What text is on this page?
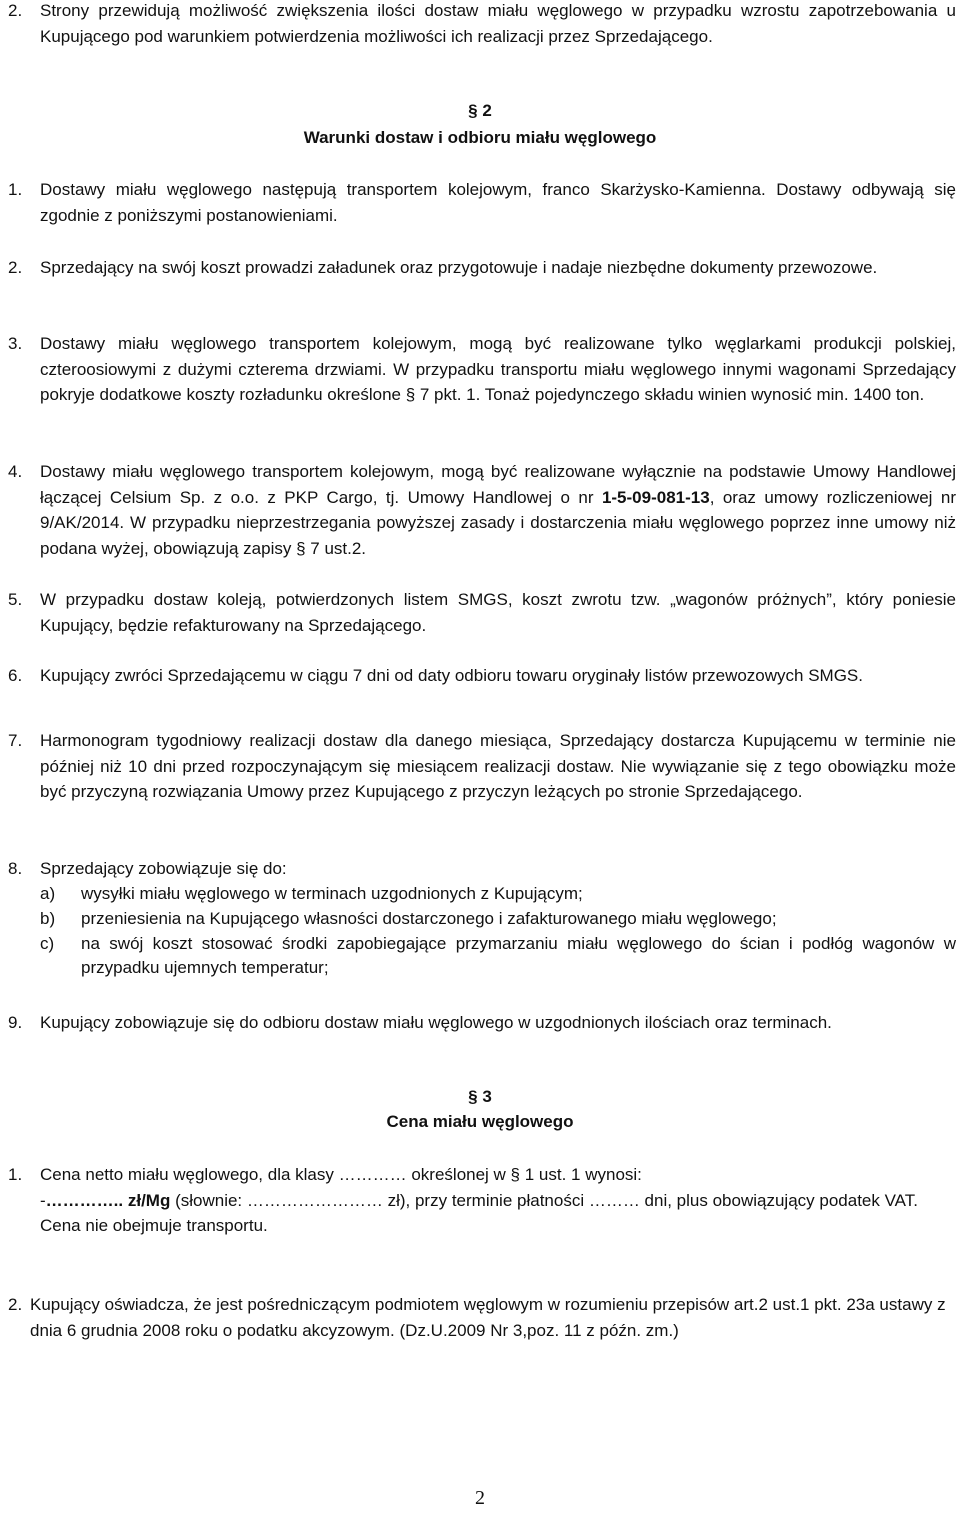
2. Strony przewidują możliwość zwiększenia ilości dostaw miału węglowego w przypadku wzrostu zapotrzebowania u Kupującego pod warunkiem potwierdzenia możliwości ich realizacji przez Sprzedającego.
§ 2
Warunki dostaw i odbioru miału węglowego
1. Dostawy miału węglowego następują transportem kolejowym, franco Skarżysko-Kamienna. Dostawy odbywają się zgodnie z poniższymi postanowieniami.
2. Sprzedający na swój koszt prowadzi załadunek oraz przygotowuje i nadaje niezbędne dokumenty przewozowe.
3. Dostawy miału węglowego transportem kolejowym, mogą być realizowane tylko węglarkami produkcji polskiej, czteroosiowymi z dużymi czterema drzwiami. W przypadku transportu miału węglowego innymi wagonami Sprzedający pokryje dodatkowe koszty rozładunku określone § 7 pkt. 1. Tonaż pojedynczego składu winien wynosić min. 1400 ton.
4. Dostawy miału węglowego transportem kolejowym, mogą być realizowane wyłącznie na podstawie Umowy Handlowej łączącej Celsium Sp. z o.o. z PKP Cargo, tj. Umowy Handlowej o nr 1-5-09-081-13, oraz umowy rozliczeniowej nr 9/AK/2014. W przypadku nieprzestrzegania powyższej zasady i dostarczenia miału węglowego poprzez inne umowy niż podana wyżej, obowiązują zapisy § 7 ust.2.
5. W przypadku dostaw koleją, potwierdzonych listem SMGS, koszt zwrotu tzw. „wagonów próżnych”, który poniesie Kupujący, będzie refakturowany na Sprzedającego.
6. Kupujący zwróci Sprzedającemu w ciągu 7 dni od daty odbioru towaru oryginały listów przewozowych SMGS.
7. Harmonogram tygodniowy realizacji dostaw dla danego miesiąca, Sprzedający dostarcza Kupującemu w terminie nie później niż 10 dni przed rozpoczynającym się miesiącem realizacji dostaw. Nie wywiązanie się z tego obowiązku może być przyczyną rozwiązania Umowy przez Kupującego z przyczyn leżących po stronie Sprzedającego.
8. Sprzedający zobowiązuje się do:
a) wysyłki miału węglowego w terminach uzgodnionych z Kupującym;
b) przeniesienia na Kupującego własności dostarczonego i zafakturowanego miału węglowego;
c) na swój koszt stosować środki zapobiegające przymarzaniu miału węglowego do ścian i podłóg wagonów w przypadku ujemnych temperatur;
9. Kupujący zobowiązuje się do odbioru dostaw miału węglowego w uzgodnionych ilościach oraz terminach.
§ 3
Cena miału węglowego
1. Cena netto miału węglowego, dla klasy ………… określonej w § 1 ust. 1 wynosi:
-………….. zł/Mg (słownie: …………………… zł), przy terminie płatności ……… dni, plus obowiązujący podatek VAT.
Cena nie obejmuje transportu.
2. Kupujący oświadcza, że jest pośredniczącym podmiotem węglowym w rozumieniu przepisów art.2 ust.1 pkt. 23a ustawy z dnia 6 grudnia 2008 roku o podatku akcyzowym. (Dz.U.2009 Nr 3,poz. 11 z późn. zm.)
2
